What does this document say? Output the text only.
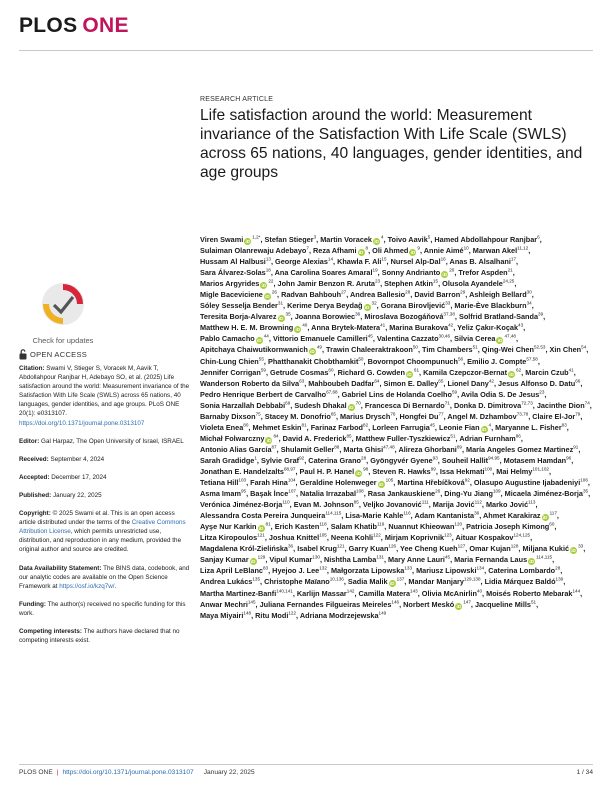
PLOS ONE
RESEARCH ARTICLE
Life satisfaction around the world: Measurement invariance of the Satisfaction With Life Scale (SWLS) across 65 nations, 40 languages, gender identities, and age groups
Viren Swami $iD^{1,2*}$, Stefan Stieger$^3$, Martin Voracek $iD^4$, Toivo Aavik$^5$, Hamed Abdollahpour Ranjbar$^6$, Sulaiman Olanrewaju Adebayo$^7$, Reza Afhami $iD^8$, Oli Ahmed $iD^9$, Annie Aimé$^{10}$, Marwan Akel$^{11,12}$, Hussam Al Halbusi$^{13}$, George Alexias$^{14}$, Khawla F. Ali$^{15}$, Nursel Alp-Dal$^{16}$, Anas B. Alsalhani$^{17}$, Sara Álvarez-Solas$^{18}$, Ana Carolina Soares Amaral$^{19}$, Sonny Andrianto $iD^{20}$, Trefor Aspden$^{21}$, Marios Argyrides $iD^{22}$, John Jamir Benzon R. Aruta$^{23}$, Stephen Atkin$^{15}$, Olusola Ayandele$^{24,25}$, Migle Baceviciene $iD^{26}$, Radvan Bahbouh$^{27}$, Andrea Ballesio$^{28}$, David Barron$^{29}$, Ashleigh Bellard$^{30}$, Sóley Sesselja Bender$^{31}$, Kerime Derya Beydağ $iD^{32}$, Gorana Birovljević$^{33}$, Marie-Ève Blackburn$^{34}$, Teresita Borja-Alvarez $iD^{35}$, Joanna Borowiec$^{36}$, Miroslava Bozogáňová$^{37,38}$, Solfrid Bratland-Sanda$^{39}$, Matthew H. E. M. Browning $iD^{40}$, Anna Brytek-Matera$^{41}$, Marina Burakova$^{42}$, Yeliz Çakır-Koçak$^{43}$, Pablo Camacho $iD^{44}$, Vittorio Emanuele Camilleri$^{45}$, Valentina Cazzato$^{30,46}$, Silvia Cerea iD$^{47,48}$, Apitchaya Chaiwutikornwanich $iD^{49}$, Trawin Chaleeraktrakoon$^{50}$, Tim Chambers$^{51}$, Qing-Wei Chen$^{52,53}$, Xin Chen$^{54}$, Chin-Lung Chien$^{55}$, Phatthanakit Chobthamkit$^{50}$, Bovornpot Choompunuch$^{56}$, Emilio J. Compte$^{57,58}$, Jennifer Corrigan$^{59}$, Getrude Cosmas$^{60}$, Richard G. Cowden $iD^{61}$, Kamila Czepczor-Bernat $iD^{62}$, Marcin Czub$^{41}$, Wanderson Roberto da Silva$^{63}$, Mahboubeh Dadfar$^{64}$, Simon E. Dalley$^{65}$, Lionel Dany$^{42}$, Jesus Alfonso D. Datu$^{66}$, Pedro Henrique Berbert de Carvalho$^{67,68}$, Gabriel Lins de Holanda Coelho$^{59}$, Avila Odia S. De Jesus$^{23}$, Sonia Harzallah Debbabi$^{69}$, Sudesh Dhakal $iD^{70}$, Francesca Di Bernardo$^{71}$, Donka D. Dimitrova$^{72,73}$, Jacinthe Dion$^{74}$, Barnaby Dixson$^{75}$, Stacey M. Donofrio$^{65}$, Marius Drysch$^{76}$, Hongfei Du$^{77}$, Angel M. Dzhambov$^{73,78}$, Claire El-Jor$^{79}$, Violeta Enea$^{80}$, Mehmet Eskin$^{81}$, Farinaz Farbod$^{82}$, Lorleen Farrugia$^{45}$, Leonie Fian $iD^4$, Maryanne L. Fisher$^{83}$, Michał Folwarczny $iD^{84}$, David A. Frederick$^{85}$, Matthew Fuller-Tyszkiewicz$^{51}$, Adrian Furnham$^{86}$, Antonio Alias García$^{87}$, Shulamit Geller$^{88}$, Marta Ghisi$^{47,48}$, Alireza Ghorbani$^{89}$, María Angeles Gomez Martinez$^{91}$, Sarah Gradidge$^1$, Sylvie Graf$^{92}$, Caterina Grano$^{28}$, Gyöngyvér Gyene$^{93}$, Souheil Hallit$^{94,95}$, Motasem Hamdan$^{96}$, Jonathan E. Handelzalts$^{88,97}$, Paul H. P. Hanel $iD^{98}$, Steven R. Hawks$^{99}$, Issa Hekmati$^{100}$, Mai Helmy$^{101,102}$, Tetiana Hill$^{103}$, Farah Hina$^{104}$, Geraldine Holenweger $iD^{105}$, Martina Hřebíčková$^{92}$, Olasupo Augustine Ijabadeniyi$^{106}$, Asma Imam$^{95}$, Başak İnce$^{107}$, Natalia Irrazabal$^{108}$, Rasa Jankauskiene$^{26}$, Ding-Yu Jiang$^{109}$, Micaela Jiménez-Borja$^{35}$, Verónica Jiménez-Borja$^{110}$, Evan M. Johnson$^{85}$, Veljko Jovanović$^{111}$, Marija Jović$^{112}$, Marko Jović$^{113}$, Alessandra Costa Pereira Junqueira$^{114,115}$, Lisa-Marie Kahle$^{116}$, Adam Kantanista$^{36}$, Ahmet Karakiraz $iD^{117}$, Ayşe Nur Karkin $iD^{81}$, Erich Kasten$^{118}$, Salam Khatib$^{119}$, Nuannut Khieowan$^{120}$, Patricia Joseph Kimong$^{60}$, Litza Kiropoulos$^{121}$, Joshua Knittel$^{105}$, Neena Kohli$^{122}$, Mirjam Koprivnik$^{123}$, Aituar Kospakov$^{124,125}$, Magdalena Król-Zielińska$^{36}$, Isabel Krug$^{121}$, Garry Kuan$^{126}$, Yee Cheng Kueh$^{127}$, Omar Kujan$^{128}$, Miljana Kukić $iD^{33}$, Sanjay Kumar $iD^{129}$, Vipul Kumar$^{130}$, Nishtha Lamba$^{131}$, Mary Anne Lauri$^{45}$, Maria Fernanda Laus iD$^{114,115}$, Liza April LeBlanc$^{83}$, Hyejoo J. Lee$^{132}$, Małgorzata Lipowska$^{133}$, Mariusz Lipowski$^{134}$, Caterina Lombardo$^{28}$, Andrea Lukács$^{135}$, Christophe Maïano$^{10,136}$, Sadia Malik $iD^{137}$, Mandar Manjary$^{129,138}$, Lidia Márquez Baldó$^{139}$, Martha Martinez-Banfi$^{140,141}$, Karlijn Massar$^{142}$, Camilla Matera$^{143}$, Olivia McAnirlin$^{40}$, Moisés Roberto Mebarak$^{144}$, Anwar Mechri$^{145}$, Juliana Fernandes Filgueiras Meireles$^{146}$, Norbert Meskó $iD^{147}$, Jacqueline Mills$^{51}$, Maya Miyairi$^{148}$, Ritu Modi$^{122}$, Adriana Modrzejewska$^{149}$
Check for updates
OPEN ACCESS

Citation: Swami V, Stieger S, Voracek M, Aavik T, Abdollahpour Ranjbar H, Adebayo SO, et al. (2025) Life satisfaction around the world: Measurement invariance of the Satisfaction With Life Scale (SWLS) across 65 nations, 40 languages, gender identities, and age groups. PLoS ONE 20(1): e0313107. https://doi.org/10.1371/journal.pone.0313107

Editor: Gal Harpaz, The Open University of Israel, ISRAEL

Received: September 4, 2024

Accepted: December 17, 2024

Published: January 22, 2025

Copyright: © 2025 Swami et al. This is an open access article distributed under the terms of the Creative Commons Attribution License, which permits unrestricted use, distribution, and reproduction in any medium, provided the original author and source are credited.

Data Availability Statement: The BINS data, codebook, and our analytic codes are available on the Open Science Framework at https://osf.io/kzq7w/.

Funding: The author(s) received no specific funding for this work.

Competing interests: The authors have declared that no competing interests exist.

PLOS ONE | https://doi.org/10.1371/journal.pone.0313107 January 22, 2025	1 / 34
